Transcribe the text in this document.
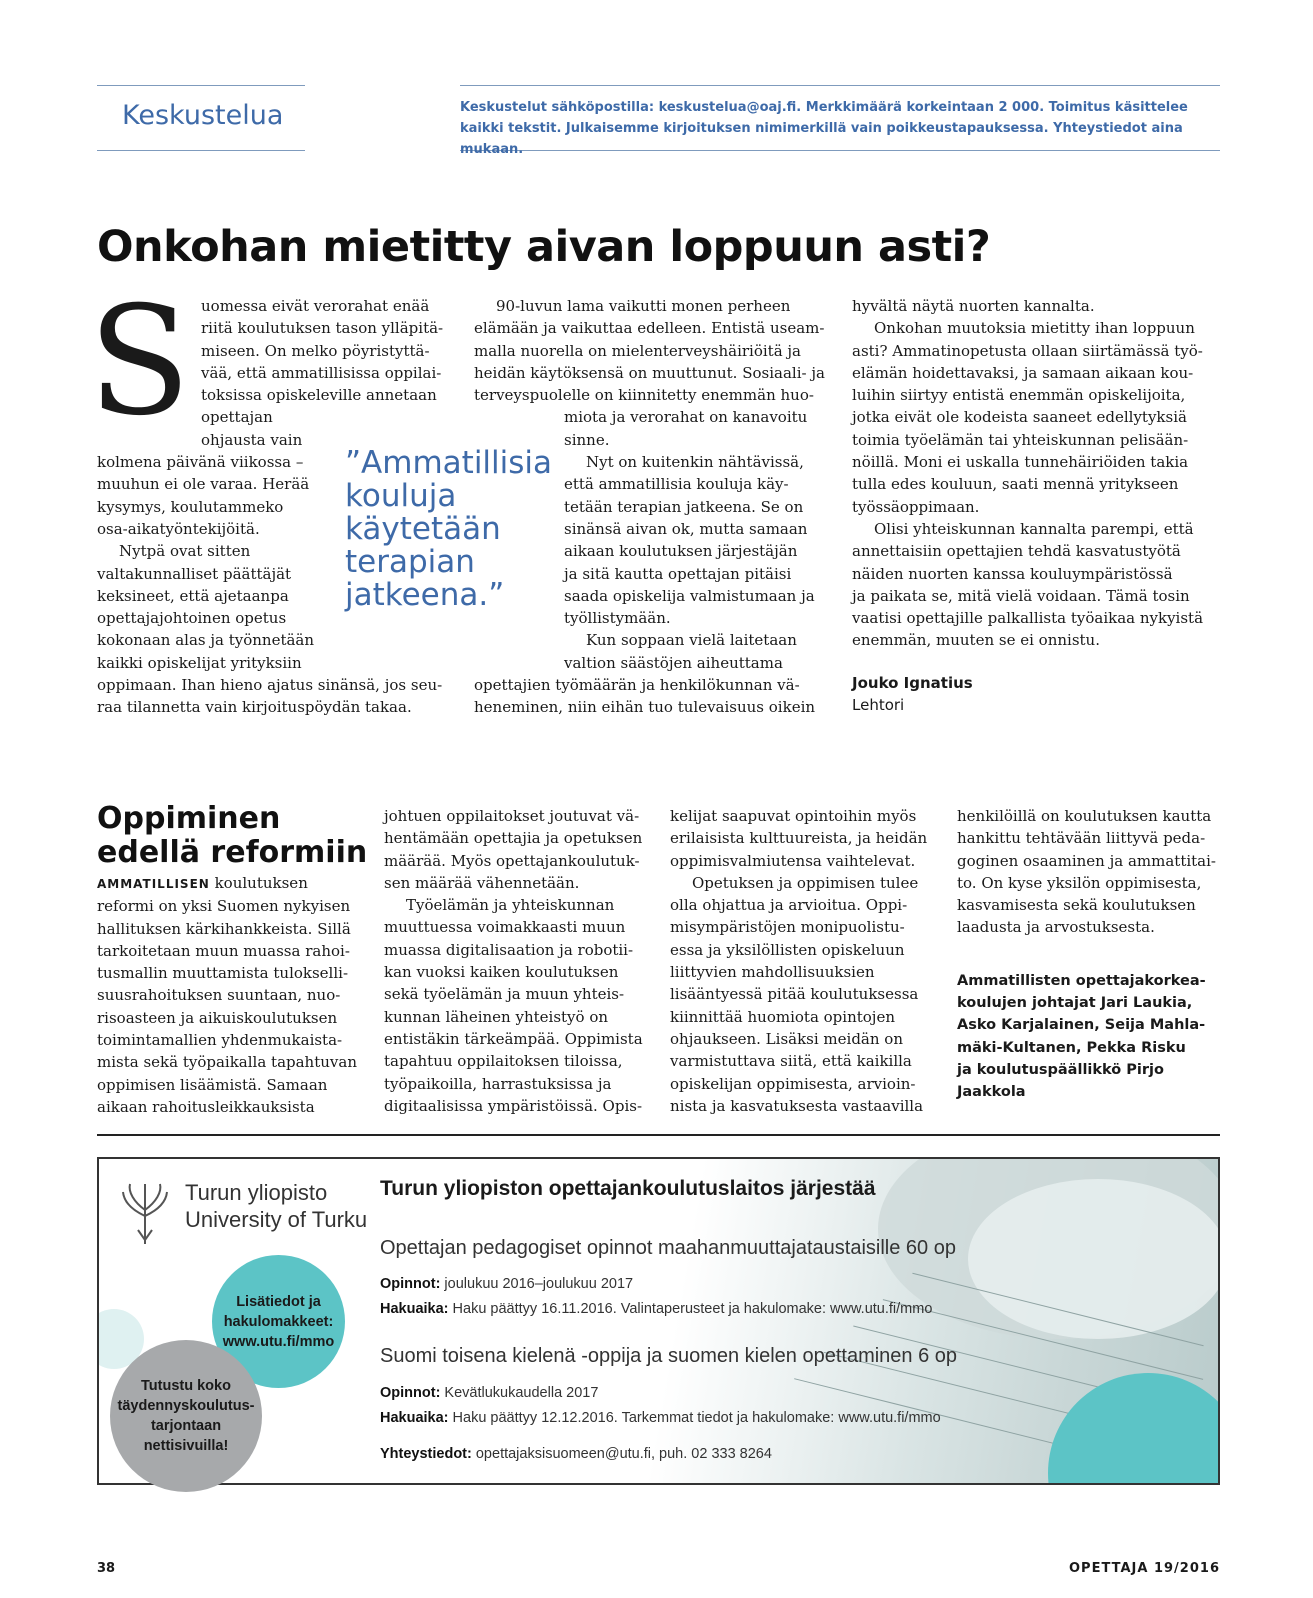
Keskustelua	Keskustelut sähköpostilla: keskustelua@oaj.fi. Merkkimäärä korkeintaan 2 000. Toimitus käsittelee kaikki tekstit. Julkaisemme kirjoituksen nimimerkillä vain poikkeustapauksessa. Yhteystiedot aina mukaan.
Onkohan mietitty aivan loppuun asti?
S uomessa eivät verorahat enää
riitä koulutuksen tason ylläpitä-
miseen. On melko pöyristyttä-
vää, että ammatillisissa oppilai-
toksissa opiskeleville annetaan
opettajan
ohjausta vain
kolmena päivänä viikossa –
muuhun ei ole varaa. Herää
kysymys, koulutammeko
osa-aikatyöntekijöitä.
Nytpä ovat sitten
valtakunnalliset päättäjät
keksineet, että ajetaanpa
opettajajohtoinen opetus
kokonaan alas ja työnnetään
kaikki opiskelijat yrityksiin
oppimaan. Ihan hieno ajatus sinänsä, jos seu-
raa tilannetta vain kirjoituspöydän takaa.
”Ammatillisia kouluja käytetään terapian jatkeena.”
90-luvun lama vaikutti monen perheen
elämään ja vaikuttaa edelleen. Entistä useam-
malla nuorella on mielenterveyshäiriöitä ja
heidän käytöksensä on muuttunut. Sosiaali- ja
terveyspuolelle on kiinnitetty enemmän huo-
miota ja verorahat on kanavoitu
sinne.
Nyt on kuitenkin nähtävissä,
että ammatillisia kouluja käy-
tetään terapian jatkeena. Se on
sinänsä aivan ok, mutta samaan
aikaan koulutuksen järjestäjän
ja sitä kautta opettajan pitäisi
saada opiskelija valmistumaan ja
työllistymään.
Kun soppaan vielä laitetaan
valtion säästöjen aiheuttama
opettajien työmäärän ja henkilökunnan vä-
heneminen, niin eihän tuo tulevaisuus oikein
hyvältä näytä nuorten kannalta.
Onkohan muutoksia mietitty ihan loppuun
asti? Ammatinopetusta ollaan siirtämässä työ-
elämän hoidettavaksi, ja samaan aikaan kou-
luihin siirtyy entistä enemmän opiskelijoita,
jotka eivät ole kodeista saaneet edellytyksiä
toimia työelämän tai yhteiskunnan pelisään-
nöillä. Moni ei uskalla tunnehäiriöiden takia
tulla edes kouluun, saati mennä yritykseen
työssäoppimaan.
Olisi yhteiskunnan kannalta parempi, että
annettaisiin opettajien tehdä kasvatustyötä
näiden nuorten kanssa kouluympäristössä
ja paikata se, mitä vielä voidaan. Tämä tosin
vaatisi opettajille palkallista työaikaa nykyistä
enemmän, muuten se ei onnistu.
Jouko Ignatius
Lehtori
Oppiminen edellä reformiin
AMMATILLISEN koulutuksen
reformi on yksi Suomen nykyisen
hallituksen kärkihankkeista. Sillä
tarkoitetaan muun muassa rahoi-
tusmallin muuttamista tulokselli-
suusrahoituksen suuntaan, nuo-
risoasteen ja aikuiskoulutuksen
toimintamallien yhdenmukaista-
mista sekä työpaikalla tapahtuvan
oppimisen lisäämistä. Samaan
aikaan rahoitusleikkauksista
johtuen oppilaitokset joutuvat vä-
hentämään opettajia ja opetuksen
määrää. Myös opettajankoulutuk-
sen määrää vähennetään.
Työelämän ja yhteiskunnan
muuttuessa voimakkaasti muun
muassa digitalisaation ja robotii-
kan vuoksi kaiken koulutuksen
sekä työelämän ja muun yhteis-
kunnan läheinen yhteistyö on
entistäkin tärkeämpää. Oppimista
tapahtuu oppilaitoksen tiloissa,
työpaikoilla, harrastuksissa ja
digitaalisissa ympäristöissä. Opis-
kelijat saapuvat opintoihin myös
erilaisista kulttuureista, ja heidän
oppimisvalmiutensa vaihtelevat.
Opetuksen ja oppimisen tulee
olla ohjattua ja arvioitua. Oppi-
misympäristöjen monipuolistu-
essa ja yksilöllisten opiskeluun
liittyvien mahdollisuuksien
lisääntyessä pitää koulutuksessa
kiinnittää huomiota opintojen
ohjaukseen. Lisäksi meidän on
varmistuttava siitä, että kaikilla
opiskelijan oppimisesta, arvioin-
nista ja kasvatuksesta vastaavilla
henkilöillä on koulutuksen kautta
hankittu tehtävään liittyvä peda-
goginen osaaminen ja ammattitai-
to. On kyse yksilön oppimisesta,
kasvamisesta sekä koulutuksen
laadusta ja arvostuksesta.
Ammatillisten opettajakorkea-
koulujen johtajat Jari Laukia,
Asko Karjalainen, Seija Mahla-
mäki-Kultanen, Pekka Risku
ja koulutuspäällikkö Pirjo
Jaakkola
Turun yliopisto
University of Turku
Lisätiedot ja
hakulomakkeet:
www.utu.fi/mmo
Tutustu koko
täydennyskoulutus-
tarjontaan
nettisivuilla!
Turun yliopiston opettajankoulutuslaitos järjestää
Opettajan pedagogiset opinnot maahanmuuttajataustaisille 60 op
Opinnot: joulukuu 2016–joulukuu 2017
Hakuaika: Haku päättyy 16.11.2016. Valintaperusteet ja hakulomake: www.utu.fi/mmo
Suomi toisena kielenä -oppija ja suomen kielen opettaminen 6 op
Opinnot: Kevätlukukaudella 2017
Hakuaika: Haku päättyy 12.12.2016. Tarkemmat tiedot ja hakulomake: www.utu.fi/mmo
Yhteystiedot: opettajaksisuomeen@utu.fi, puh. 02 333 8264
38	OPETTAJA 19/2016
